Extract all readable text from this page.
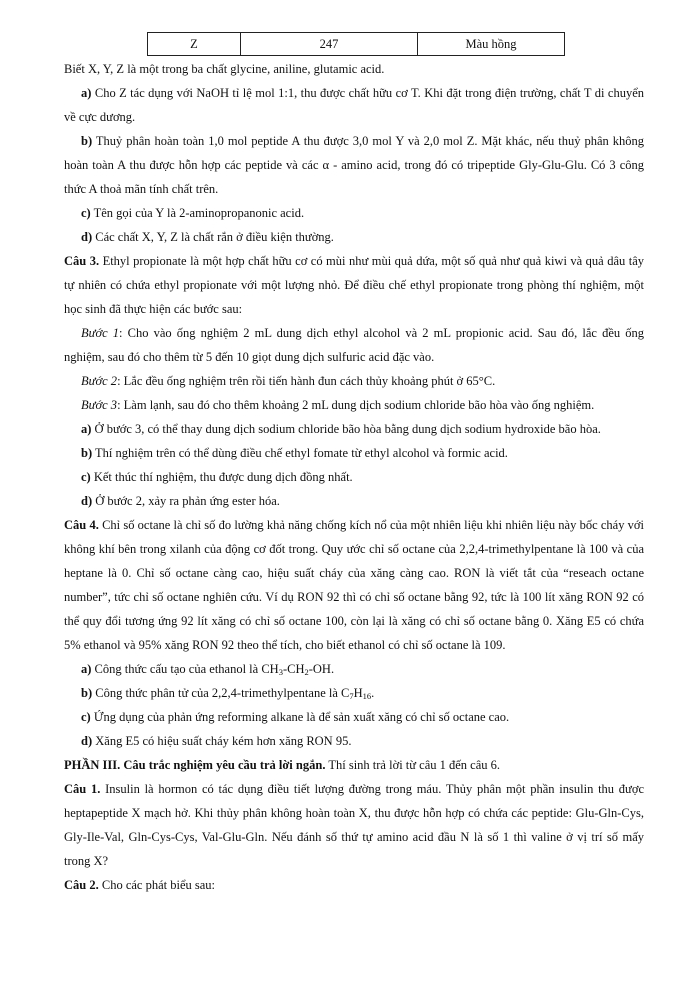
Z	247	Màu hồng

Biết X, Y, Z là một trong ba chất glycine, aniline, glutamic acid.

a) Cho Z tác dụng với NaOH tỉ lệ mol 1:1, thu được chất hữu cơ T. Khi đặt trong điện trường, chất T di chuyển về cực dương.

b) Thuỷ phân hoàn toàn 1,0 mol peptide A thu được 3,0 mol Y và 2,0 mol Z. Mặt khác, nếu thuỷ phân không hoàn toàn A thu được hỗn hợp các peptide và các α - amino acid, trong đó có tripeptide Gly-Glu-Glu. Có 3 công thức A thoả mãn tính chất trên.

c) Tên gọi của Y là 2-aminopropanonic acid.

d) Các chất X, Y, Z là chất rắn ở điều kiện thường.

Câu 3. Ethyl propionate là một hợp chất hữu cơ có mùi như mùi quả dứa, một số quả như quả kiwi và quả dâu tây tự nhiên có chứa ethyl propionate với một lượng nhỏ. Để điều chế ethyl propionate trong phòng thí nghiệm, một học sinh đã thực hiện các bước sau:

Bước 1: Cho vào ống nghiệm 2 mL dung dịch ethyl alcohol và 2 mL propionic acid. Sau đó, lắc đều ống nghiệm, sau đó cho thêm từ 5 đến 10 giọt dung dịch sulfuric acid đặc vào.

Bước 2: Lắc đều ống nghiệm trên rồi tiến hành đun cách thủy khoảng phút ở 65°C.

Bước 3: Làm lạnh, sau đó cho thêm khoảng 2 mL dung dịch sodium chloride bão hòa vào ống nghiệm.

a) Ở bước 3, có thể thay dung dịch sodium chloride bão hòa bằng dung dịch sodium hydroxide bão hòa.

b) Thí nghiệm trên có thể dùng điều chế ethyl fomate từ ethyl alcohol và formic acid.

c) Kết thúc thí nghiệm, thu được dung dịch đồng nhất.

d) Ở bước 2, xảy ra phản ứng ester hóa.

Câu 4. Chỉ số octane là chỉ số đo lường khả năng chống kích nổ của một nhiên liệu khi nhiên liệu này bốc cháy với không khí bên trong xilanh của động cơ đốt trong. Quy ước chỉ số octane của 2,2,4-trimethylpentane là 100 và của heptane là 0. Chỉ số octane càng cao, hiệu suất cháy của xăng càng cao. RON là viết tắt của “reseach octane number”, tức chỉ số octane nghiên cứu. Ví dụ RON 92 thì có chỉ số octane bằng 92, tức là 100 lít xăng RON 92 có thể quy đổi tương ứng 92 lít xăng có chỉ số octane 100, còn lại là xăng có chỉ số octane bằng 0. Xăng E5 có chứa 5% ethanol và 95% xăng RON 92 theo thể tích, cho biết ethanol có chỉ số octane là 109.

a) Công thức cấu tạo của ethanol là $CH_3-CH_2-OH$.

b) Công thức phân tử của 2,2,4-trimethylpentane là $C_7H_{16}$.

c) Ứng dụng của phản ứng reforming alkane là để sản xuất xăng có chỉ số octane cao.

d) Xăng E5 có hiệu suất cháy kém hơn xăng RON 95.

PHẦN III. Câu trắc nghiệm yêu cầu trả lời ngắn. Thí sinh trả lời từ câu 1 đến câu 6.

Câu 1. Insulin là hormon có tác dụng điều tiết lượng đường trong máu. Thủy phân một phần insulin thu được heptapeptide X mạch hở. Khi thủy phân không hoàn toàn X, thu được hỗn hợp có chứa các peptide: Glu-Gln-Cys, Gly-Ile-Val, Gln-Cys-Cys, Val-Glu-Gln. Nếu đánh số thứ tự amino acid đầu N là số 1 thì valine ở vị trí số mấy trong X?

Câu 2. Cho các phát biểu sau:
